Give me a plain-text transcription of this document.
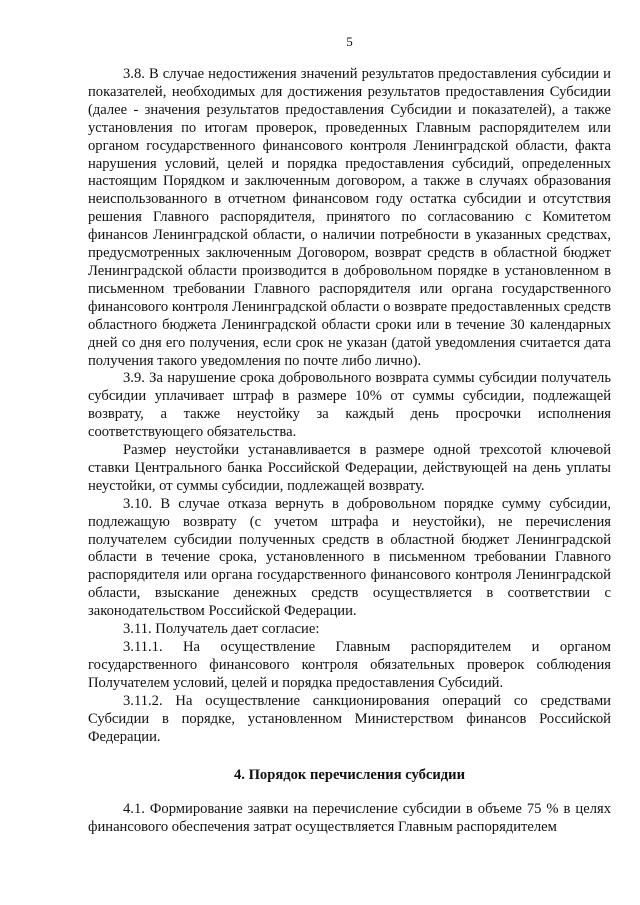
5

3.8. В случае недостижения значений результатов предоставления субсидии и показателей, необходимых для достижения результатов предоставления Субсидии (далее - значения результатов предоставления Субсидии и показателей), а также установления по итогам проверок, проведенных Главным распорядителем или органом государственного финансового контроля Ленинградской области, факта нарушения условий, целей и порядка предоставления субсидий, определенных настоящим Порядком и заключенным договором, а также в случаях образования неиспользованного в отчетном финансовом году остатка субсидии и отсутствия решения Главного распорядителя, принятого по согласованию с Комитетом финансов Ленинградской области, о наличии потребности в указанных средствах, предусмотренных заключенным Договором, возврат средств в областной бюджет Ленинградской области производится в добровольном порядке в установленном в письменном требовании Главного распорядителя или органа государственного финансового контроля Ленинградской области о возврате предоставленных средств областного бюджета Ленинградской области сроки или в течение 30 календарных дней со дня его получения, если срок не указан (датой уведомления считается дата получения такого уведомления по почте либо лично).

3.9. За нарушение срока добровольного возврата суммы субсидии получатель субсидии уплачивает штраф в размере 10% от суммы субсидии, подлежащей возврату, а также неустойку за каждый день просрочки исполнения соответствующего обязательства.

Размер неустойки устанавливается в размере одной трехсотой ключевой ставки Центрального банка Российской Федерации, действующей на день уплаты неустойки, от суммы субсидии, подлежащей возврату.

3.10. В случае отказа вернуть в добровольном порядке сумму субсидии, подлежащую возврату (с учетом штрафа и неустойки), не перечисления получателем субсидии полученных средств в областной бюджет Ленинградской области в течение срока, установленного в письменном требовании Главного распорядителя или органа государственного финансового контроля Ленинградской области, взыскание денежных средств осуществляется в соответствии с законодательством Российской Федерации.

3.11. Получатель дает согласие:

3.11.1. На осуществление Главным распорядителем и органом государственного финансового контроля обязательных проверок соблюдения Получателем условий, целей и порядка предоставления Субсидий.

3.11.2. На осуществление санкционирования операций со средствами Субсидии в порядке, установленном Министерством финансов Российской Федерации.

4. Порядок перечисления субсидии

4.1. Формирование заявки на перечисление субсидии в объеме 75 % в целях финансового обеспечения затрат осуществляется Главным распорядителем
